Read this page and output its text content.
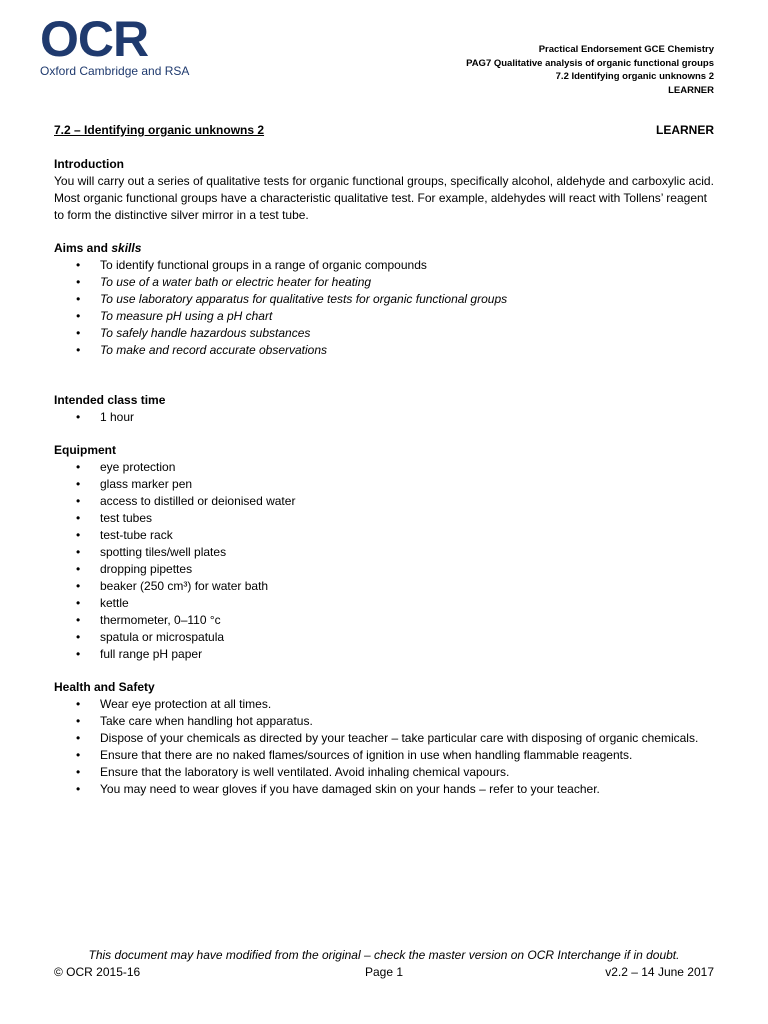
OCR
Oxford Cambridge and RSA
Practical Endorsement GCE Chemistry
PAG7 Qualitative analysis of organic functional groups
7.2 Identifying organic unknowns 2
LEARNER
7.2 – Identifying organic unknowns 2	LEARNER
Introduction

You will carry out a series of qualitative tests for organic functional groups, specifically alcohol, aldehyde and carboxylic acid. Most organic functional groups have a characteristic qualitative test. For example, aldehydes will react with Tollens’ reagent to form the distinctive silver mirror in a test tube.

Aims and skills
• To identify functional groups in a range of organic compounds
• To use of a water bath or electric heater for heating
• To use laboratory apparatus for qualitative tests for organic functional groups
• To measure pH using a pH chart
• To safely handle hazardous substances
• To make and record accurate observations
Intended class time
• 1 hour
Equipment
• eye protection
• glass marker pen
• access to distilled or deionised water
• test tubes
• test-tube rack
• spotting tiles/well plates
• dropping pipettes
• beaker (250 cm³) for water bath
• kettle
• thermometer, 0–110 °c
• spatula or microspatula
• full range pH paper
Health and Safety
• Wear eye protection at all times.
• Take care when handling hot apparatus.
• Dispose of your chemicals as directed by your teacher – take particular care with disposing of organic chemicals.
• Ensure that there are no naked flames/sources of ignition in use when handling flammable reagents.
• Ensure that the laboratory is well ventilated. Avoid inhaling chemical vapours.
• You may need to wear gloves if you have damaged skin on your hands – refer to your teacher.
This document may have modified from the original – check the master version on OCR Interchange if in doubt.
© OCR 2015-16	Page 1	v2.2 – 14 June 2017
